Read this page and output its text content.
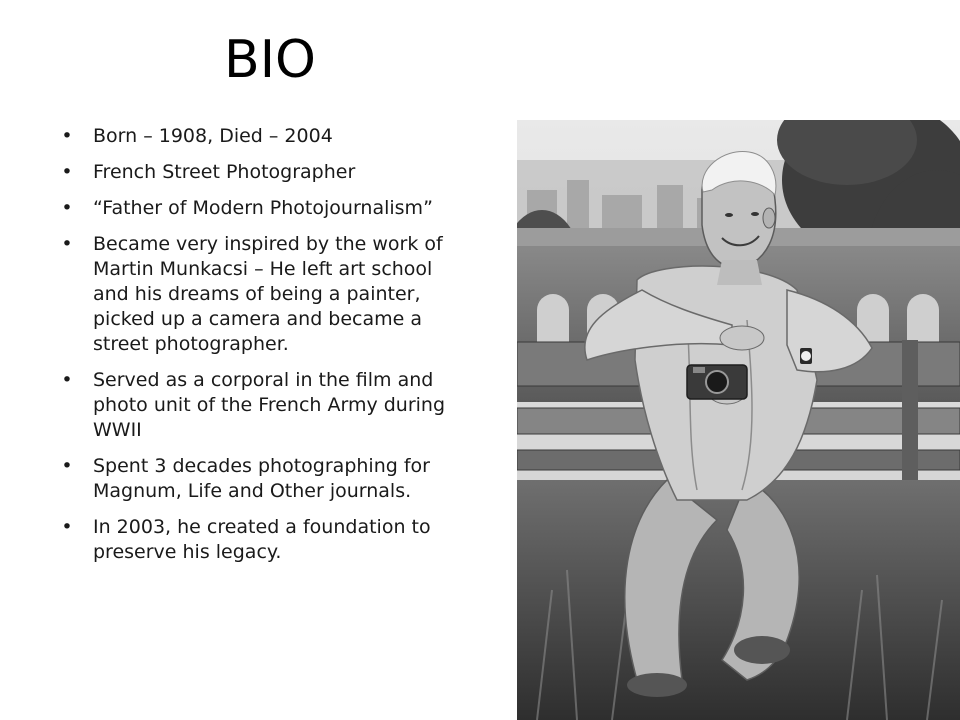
BIO
• Born – 1908, Died – 2004
• French Street Photographer
• “Father of Modern Photojournalism”
• Became very inspired by the work of Martin Munkacsi – He left art school and his dreams of being a painter, picked up a camera and became a street photographer.
• Served as a corporal in the film and photo unit of the French Army during WWII
• Spent 3 decades photographing for Magnum, Life and Other journals.
• In 2003, he created a foundation to preserve his legacy.
